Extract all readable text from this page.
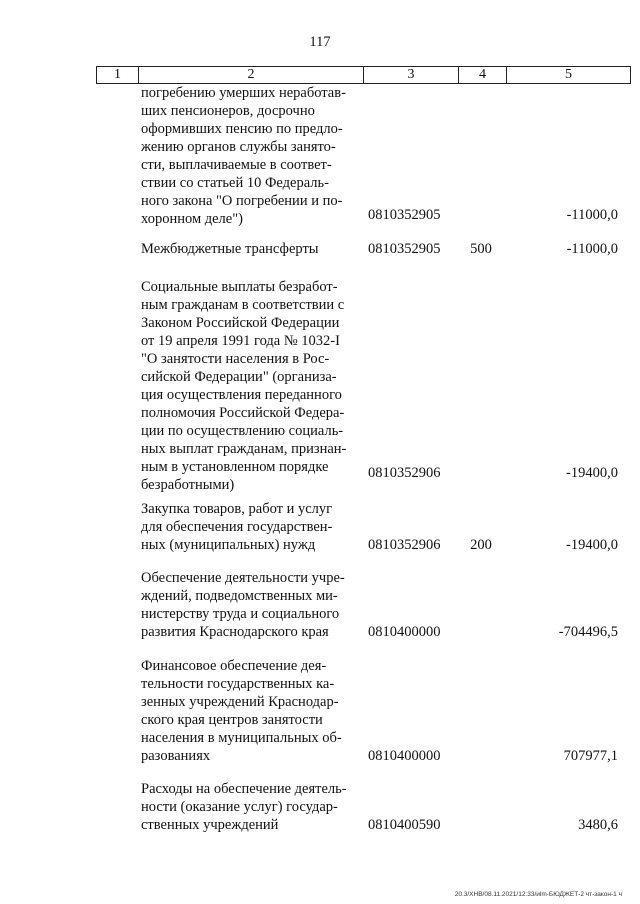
117
1	2	3	4	5
погребению умерших неработав-
ших пенсионеров, досрочно
оформивших пенсию по предло-
жению органов службы занято-
сти, выплачиваемые в соответ-
ствии со статьей 10 Федераль-
ного закона "О погребении и по-
хоронном деле")	0810352905	-11000,0
Межбюджетные трансферты	0810352905 500	-11000,0
Социальные выплаты безработ-
ным гражданам в соответствии с
Законом Российской Федерации
от 19 апреля 1991 года № 1032-I
"О занятости населения в Рос-
сийской Федерации" (организа-
ция осуществления переданного
полномочия Российской Федера-
ции по осуществлению социаль-
ных выплат гражданам, признан-
ным в установленном порядке
безработными)
0810352906	-19400,0
Закупка товаров, работ и услуг
для обеспечения государствен-
ных (муниципальных) нужд	0810352906 200	-19400,0
Обеспечение деятельности учре-
ждений, подведомственных ми-
нистерству труда и социального
развития Краснодарского края	0810400000	-704496,5
Финансовое обеспечение дея-
тельности государственных ка-
зенных учреждений Краснодар-
ского края центров занятости
населения в муниципальных об-
разованиях	0810400000	707977,1
Расходы на обеспечение деятель-
ности (оказание услуг) государ-
ственных учреждений	0810400590	3480,6
20.3/XHB/08.11.2021/12:33/иlm-БЮДЖЕТ-2 чт-закон-1 ч
